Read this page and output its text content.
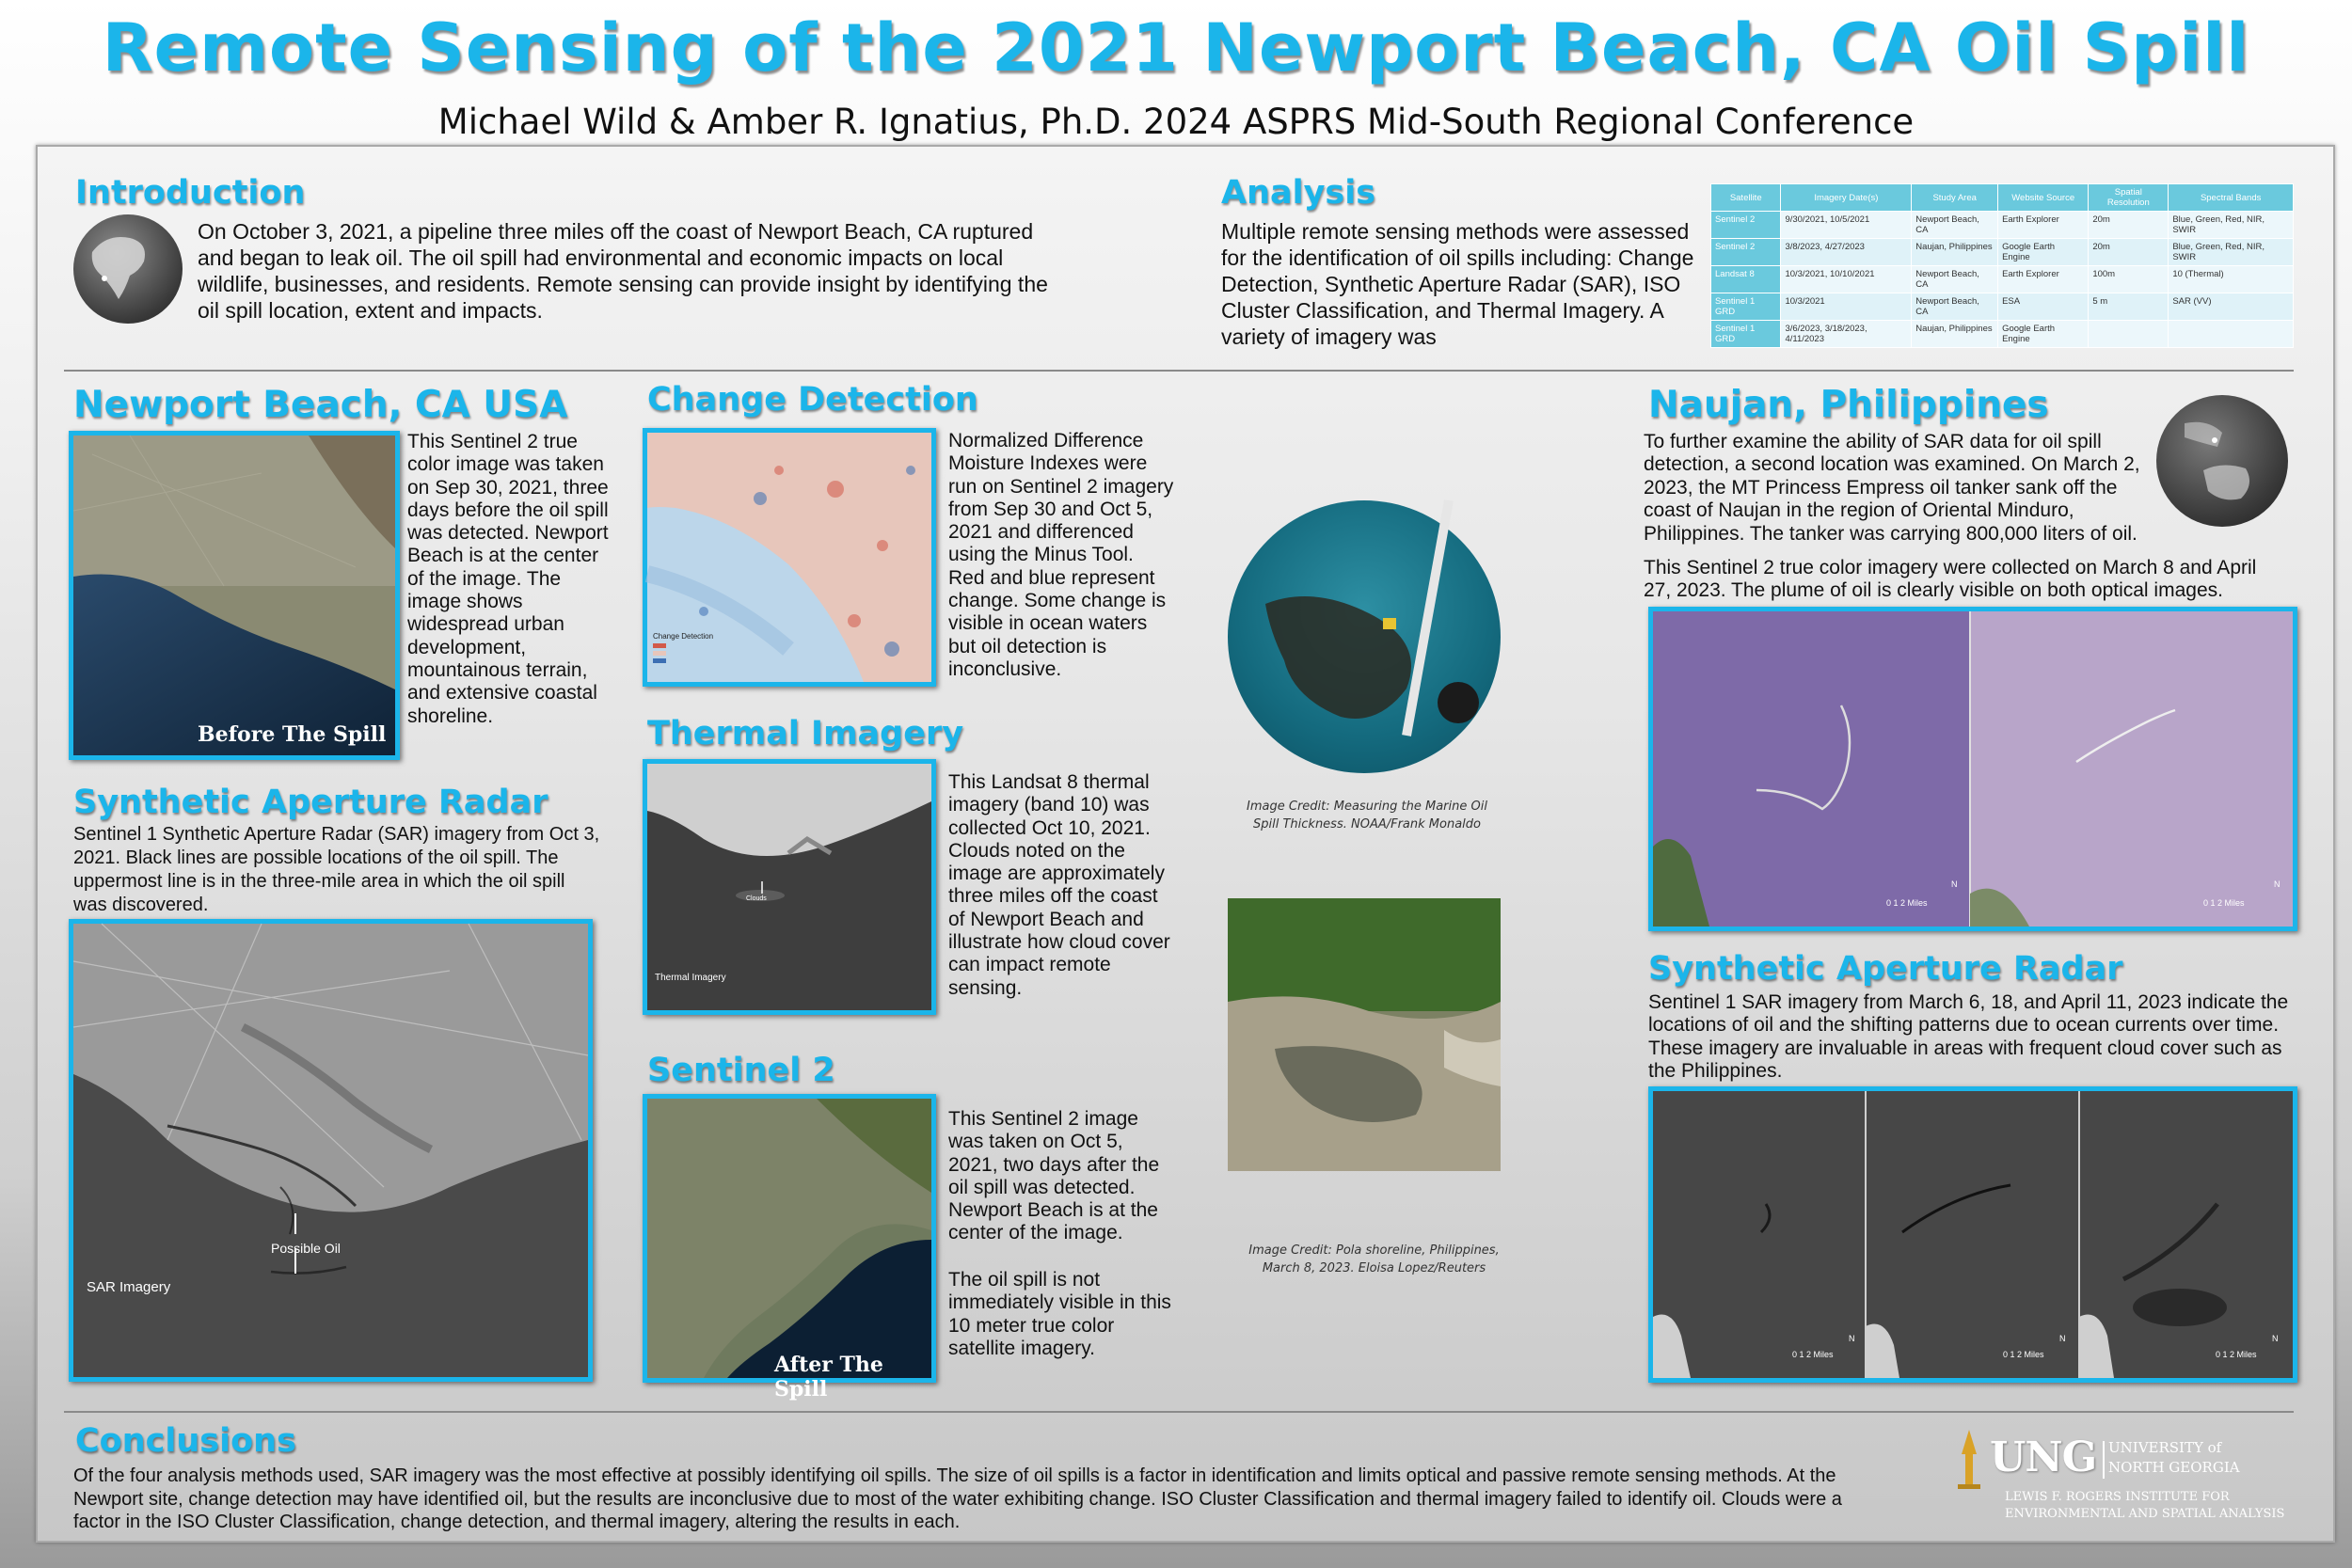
Remote Sensing of the 2021 Newport Beach, CA Oil Spill
Michael Wild & Amber R. Ignatius, Ph.D. 2024 ASPRS Mid-South Regional Conference
Introduction
On October 3, 2021, a pipeline three miles off the coast of Newport Beach, CA ruptured and began to leak oil. The oil spill had environmental and economic impacts on local wildlife, businesses, and residents. Remote sensing can provide insight by identifying the oil spill location, extent and impacts.
Analysis
Multiple remote sensing methods were assessed for the identification of oil spills including: Change Detection, Synthetic Aperture Radar (SAR), ISO Cluster Classification, and Thermal Imagery. A variety of imagery was
Satellite	Imagery Date(s)	Study Area	Website Source	Spatial Resolution	Spectral Bands
Sentinel 2	9/30/2021, 10/5/2021	Newport Beach, CA	Earth Explorer	20m	Blue, Green, Red, NIR, SWIR
Sentinel 2	3/8/2023, 4/27/2023	Naujan, Philippines	Google Earth Engine	20m	Blue, Green, Red, NIR, SWIR
Landsat 8	10/3/2021, 10/10/2021	Newport Beach, CA	Earth Explorer	100m	10 (Thermal)
Sentinel 1 GRD	10/3/2021	Newport Beach, CA	ESA	5 m	SAR (VV)
Sentinel 1 GRD	3/6/2023, 3/18/2023, 4/11/2023	Naujan, Philippines	Google Earth Engine		
Newport Beach, CA USA
Before The Spill
This Sentinel 2 true color image was taken on Sep 30, 2021, three days before the oil spill was detected. Newport Beach is at the center of the image. The image shows widespread urban development, mountainous terrain, and extensive coastal shoreline.
Synthetic Aperture Radar
Sentinel 1 Synthetic Aperture Radar (SAR) imagery from Oct 3, 2021. Black lines are possible locations of the oil spill. The uppermost line is in the three-mile area in which the oil spill was discovered.
Possible Oil
SAR Imagery
Change Detection
Change Detection
Normalized Difference Moisture Indexes were run on Sentinel 2 imagery from Sep 30 and Oct 5, 2021 and differenced using the Minus Tool. Red and blue represent change. Some change is visible in ocean waters but oil detection is inconclusive.
Thermal Imagery
Clouds
Thermal Imagery
This Landsat 8 thermal imagery (band 10) was collected Oct 10, 2021. Clouds noted on the image are approximately three miles off the coast of Newport Beach and illustrate how cloud cover can impact remote sensing.
Sentinel 2
After The Spill
This Sentinel 2 image was taken on Oct 5, 2021, two days after the oil spill was detected. Newport Beach is at the center of the image.
The oil spill is not immediately visible in this 10 meter true color satellite imagery.
Image Credit: Measuring the Marine Oil Spill Thickness. NOAA/Frank Monaldo
Image Credit: Pola shoreline, Philippines, March 8, 2023. Eloisa Lopez/Reuters
Naujan, Philippines
To further examine the ability of SAR data for oil spill detection, a second location was examined. On March 2, 2023, the MT Princess Empress oil tanker sank off the coast of Naujan in the region of Oriental Minduro, Philippines. The tanker was carrying 800,000 liters of oil.
This Sentinel 2 true color imagery were collected on March 8 and April 27, 2023. The plume of oil is clearly visible on both optical images.
0 1 2 Miles
N
0 1 2 Miles
N
Synthetic Aperture Radar
Sentinel 1 SAR imagery from March 6, 18, and April 11, 2023 indicate the locations of oil and the shifting patterns due to ocean currents over time. These imagery are invaluable in areas with frequent cloud cover such as the Philippines.
0 1 2 Miles
N
0 1 2 Miles
N
0 1 2 Miles
N
Conclusions
Of the four analysis methods used, SAR imagery was the most effective at possibly identifying oil spills. The size of oil spills is a factor in identification and limits optical and passive remote sensing methods. At the Newport site, change detection may have identified oil, but the results are inconclusive due to most of the water exhibiting change. ISO Cluster Classification and thermal imagery failed to identify oil. Clouds were a factor in the ISO Cluster Classification, change detection, and thermal imagery, altering the results in each.
UNG UNIVERSITY of
NORTH GEORGIA
LEWIS F. ROGERS INSTITUTE FOR
ENVIRONMENTAL AND SPATIAL ANALYSIS
